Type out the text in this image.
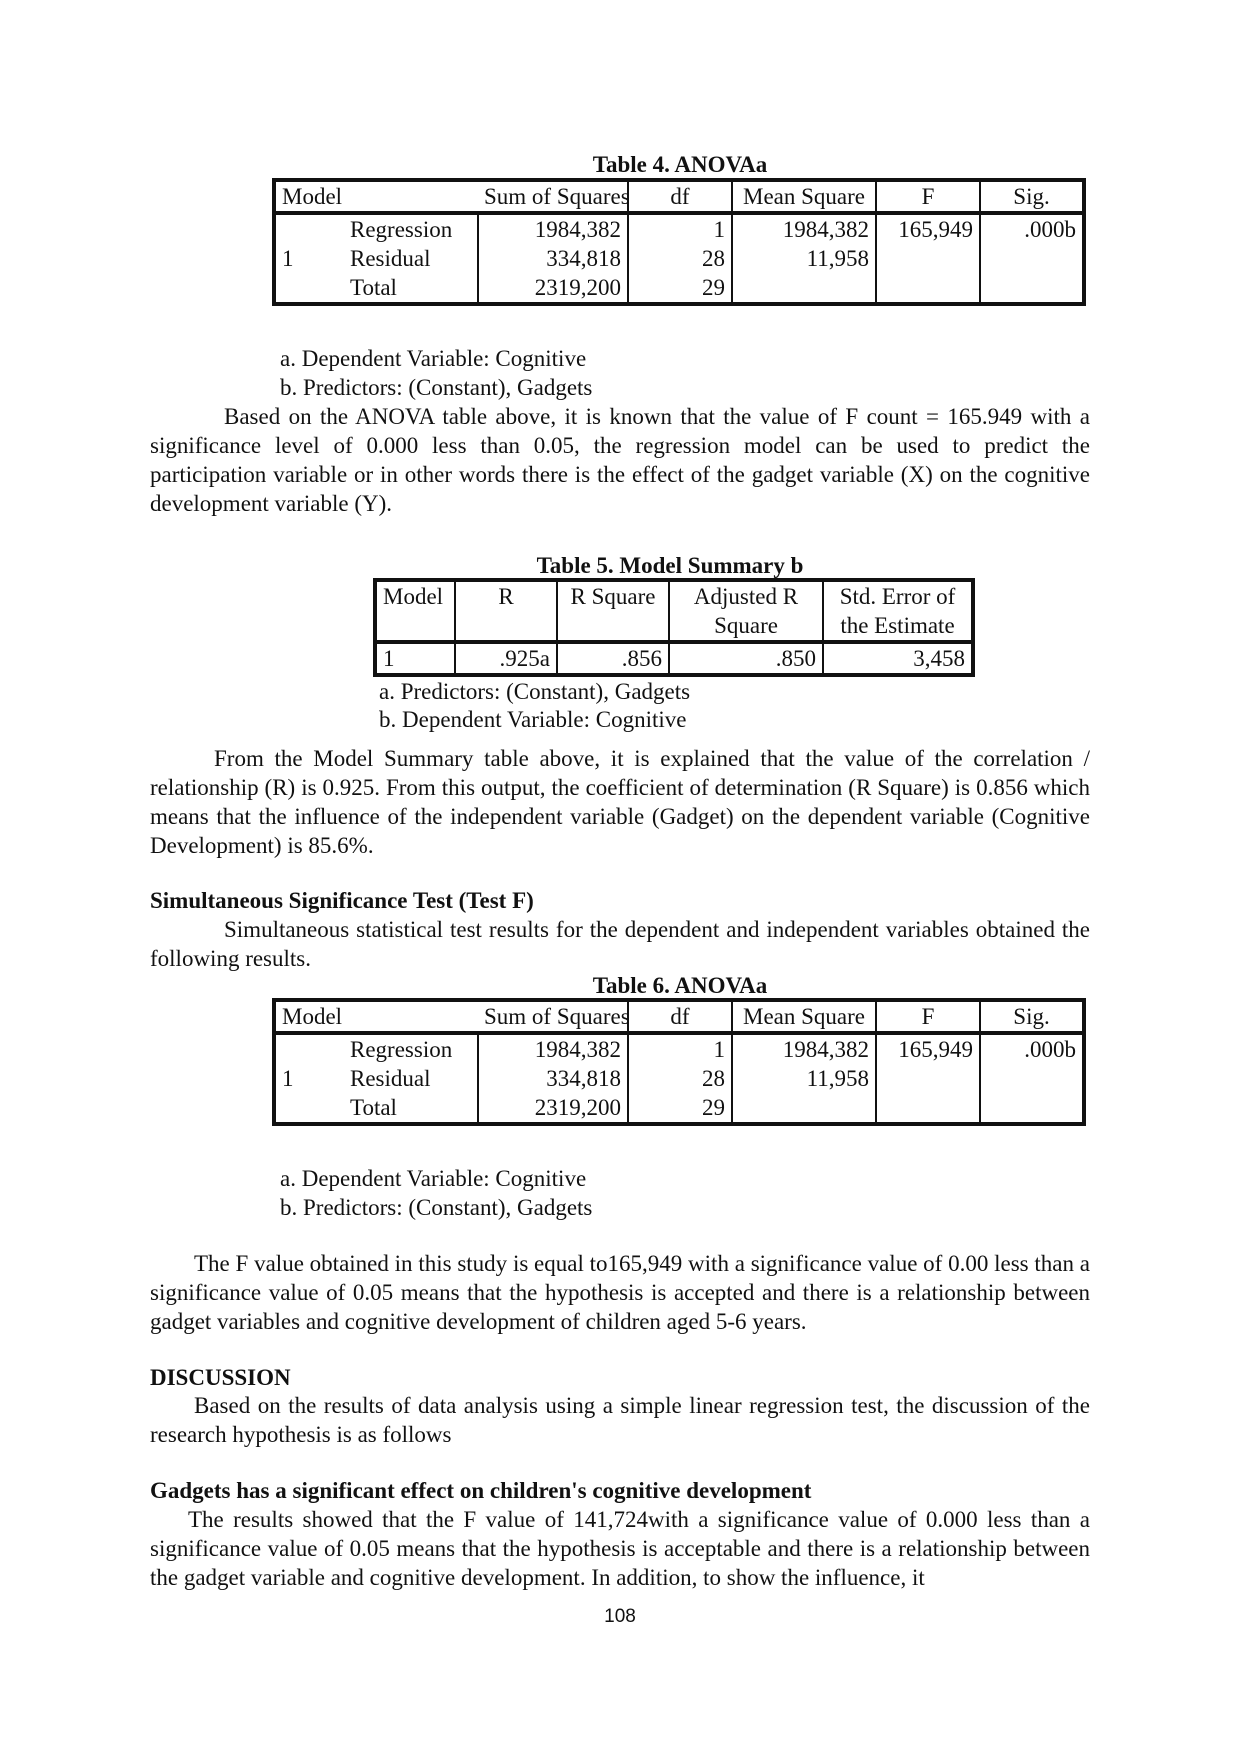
Table 4. ANOVAa
Model		Sum of Squares	df	Mean Square	F	Sig.
	Regression	1984,382	1	1984,382	165,949	.000b
1	Residual	334,818	28	11,958		
	Total	2319,200	29			
a. Dependent Variable: Cognitive
b. Predictors: (Constant), Gadgets

Based on the ANOVA table above, it is known that the value of F count = 165.949 with a significance level of 0.000 less than 0.05, the regression model can be used to predict the participation variable or in other words there is the effect of the gadget variable (X) on the cognitive development variable (Y).

Table 5. Model Summary b
Model	R	R Square	Adjusted R Square	Std. Error of the Estimate
1	.925a	.856	.850	3,458
a. Predictors: (Constant), Gadgets
b. Dependent Variable: Cognitive

From the Model Summary table above, it is explained that the value of the correlation / relationship (R) is 0.925. From this output, the coefficient of determination (R Square) is 0.856 which means that the influence of the independent variable (Gadget) on the dependent variable (Cognitive Development) is 85.6%.

Simultaneous Significance Test (Test F)

Simultaneous statistical test results for the dependent and independent variables obtained the following results.

Table 6. ANOVAa
Model		Sum of Squares	df	Mean Square	F	Sig.
	Regression	1984,382	1	1984,382	165,949	.000b
1	Residual	334,818	28	11,958		
	Total	2319,200	29			
a. Dependent Variable: Cognitive
b. Predictors: (Constant), Gadgets

The F value obtained in this study is equal to165,949 with a significance value of 0.00 less than a significance value of 0.05 means that the hypothesis is accepted and there is a relationship between gadget variables and cognitive development of children aged 5-6 years.

DISCUSSION

Based on the results of data analysis using a simple linear regression test, the discussion of the research hypothesis is as follows

Gadgets has a significant effect on children's cognitive development

The results showed that the F value of 141,724with a significance value of 0.000 less than a significance value of 0.05 means that the hypothesis is acceptable and there is a relationship between the gadget variable and cognitive development. In addition, to show the influence, it

108
